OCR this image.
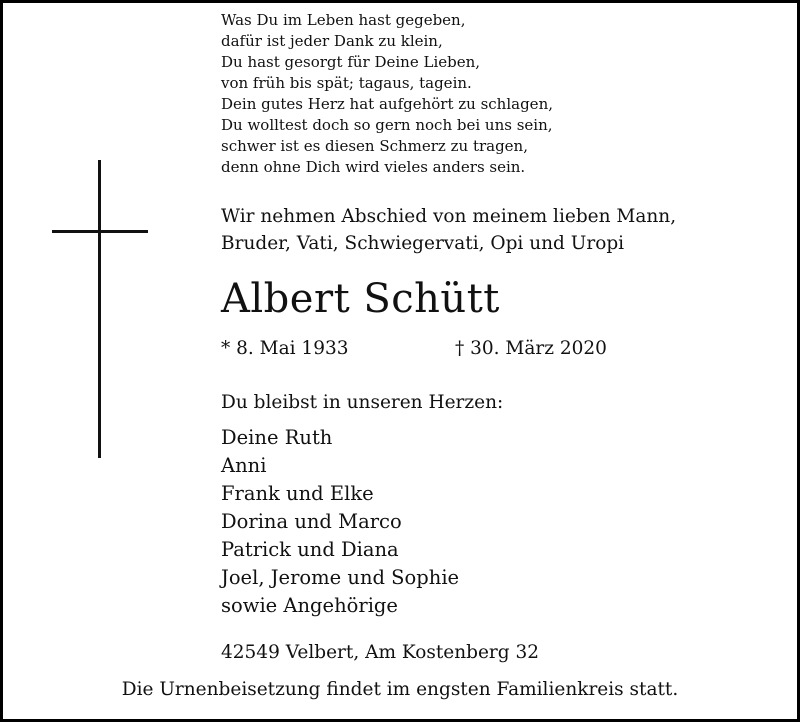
Was Du im Leben hast gegeben,
dafür ist jeder Dank zu klein,
Du hast gesorgt für Deine Lieben,
von früh bis spät; tagaus, tagein.
Dein gutes Herz hat aufgehört zu schlagen,
Du wolltest doch so gern noch bei uns sein,
schwer ist es diesen Schmerz zu tragen,
denn ohne Dich wird vieles anders sein.

Wir nehmen Abschied von meinem lieben Mann,
Bruder, Vati, Schwiegervati, Opi und Uropi

Albert Schütt
* 8. Mai 1933	† 30. März 2020
Du bleibst in unseren Herzen:
Deine Ruth
Anni
Frank und Elke
Dorina und Marco
Patrick und Diana
Joel, Jerome und Sophie
sowie Angehörige
42549 Velbert, Am Kostenberg 32
Die Urnenbeisetzung findet im engsten Familienkreis statt.
